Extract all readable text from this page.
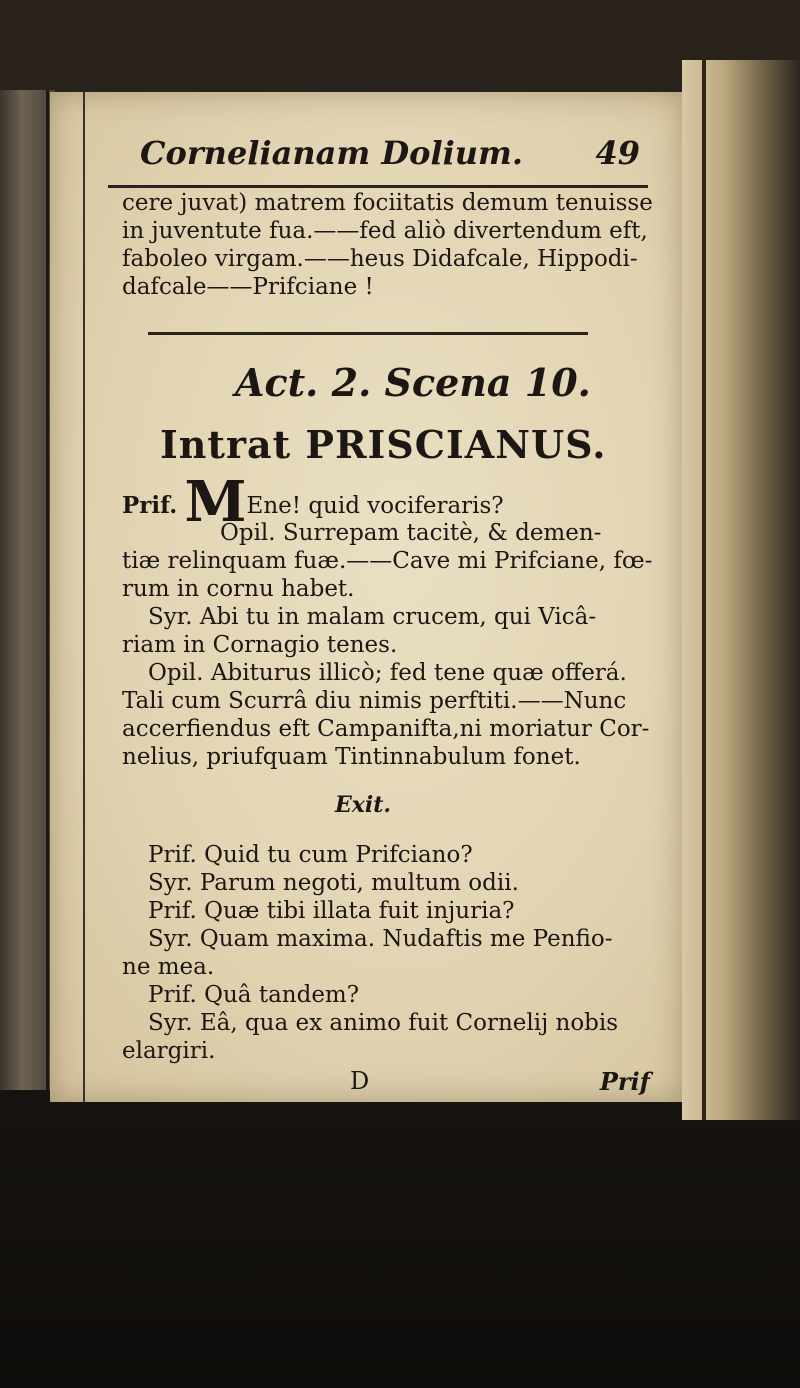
Cornelianam Dolium. 49
cere juvat) matrem fociitatis demum tenuisse
in juventute fua.——fed aliò divertendum eft,
faboleo virgam.——heus Didafcale, Hippodi-
dafcale——Prifciane !
Act. 2. Scena 10.
Intrat PRISCIANUS.
Prif. MEne! quid vociferaris?
Opil. Surrepam tacitè, & demen-
tiæ relinquam fuæ.——Cave mi Prifciane, fœ-
rum in cornu habet.
Syr. Abi tu in malam crucem, qui Vicâ-
riam in Cornagio tenes.
Opil. Abiturus illicò; fed tene quæ offerá.
Tali cum Scurrâ diu nimis perftiti.——Nunc
accerfiendus eft Campanifta,ni moriatur Cor-
nelius, priufquam Tintinnabulum fonet.
Exit.
Prif. Quid tu cum Prifciano?
Syr. Parum negoti, multum odii.
Prif. Quæ tibi illata fuit injuria?
Syr. Quam maxima. Nudaftis me Penfio-
ne mea.
Prif. Quâ tandem?
Syr. Eâ, qua ex animo fuit Cornelij nobis
elargiri.
D	Prif
